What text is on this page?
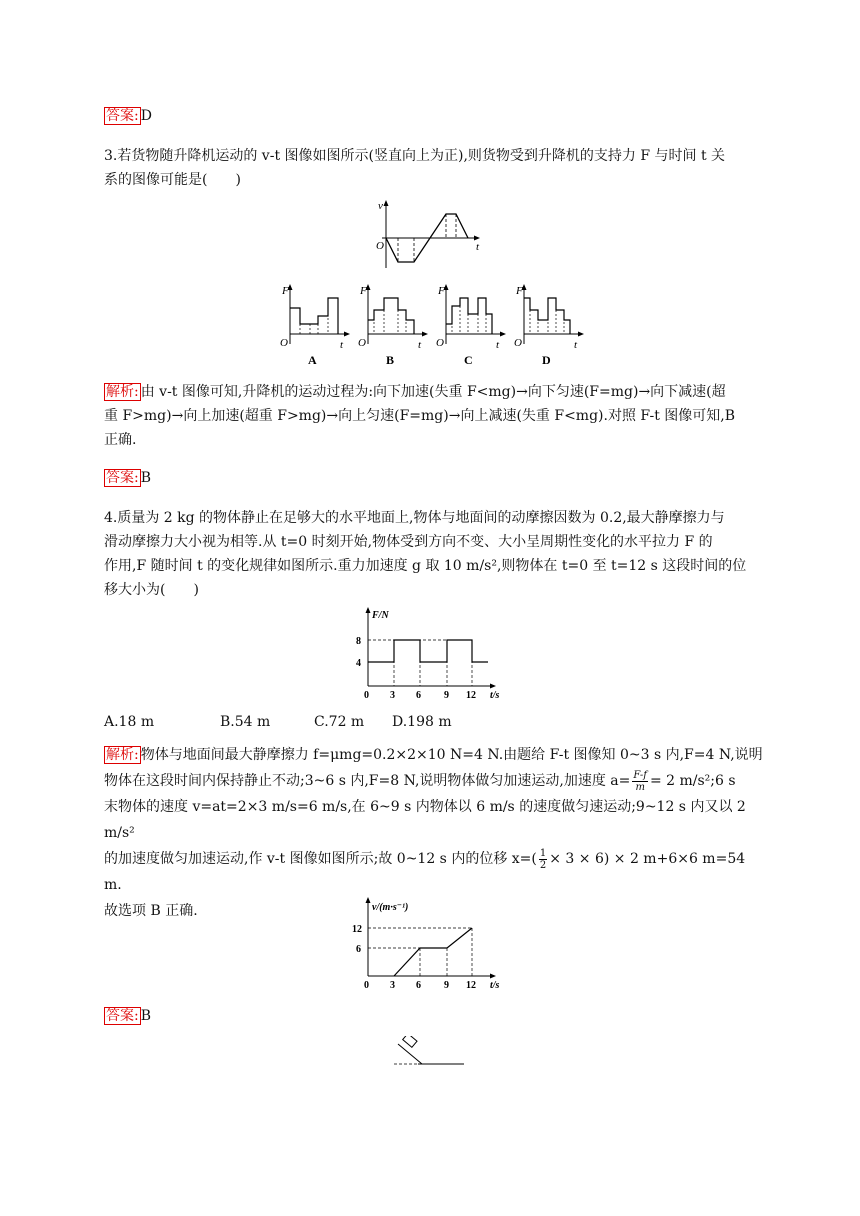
答案: D
3.若货物随升降机运动的 v-t 图像如图所示(竖直向上为正),则货物受到升降机的支持力 F 与时间 t 关
系的图像可能是(　　)
v
O	t
F
O	t
A
F
O	t
B
F
O	t
C
F
O	t
D
解析: 由 v-t 图像可知,升降机的运动过程为:向下加速(失重 F<mg)→向下匀速(F=mg)→向下减速(超
重 F>mg)→向上加速(超重 F>mg)→向上匀速(F=mg)→向上减速(失重 F<mg).对照 F-t 图像可知,B
正确.
答案: B
4.质量为 2 kg 的物体静止在足够大的水平地面上,物体与地面间的动摩擦因数为 0.2,最大静摩擦力与
滑动摩擦力大小视为相等.从 t=0 时刻开始,物体受到方向不变、大小呈周期性变化的水平拉力 F 的
作用,F 随时间 t 的变化规律如图所示.重力加速度 g 取 10 m/s²,则物体在 t=0 至 t=12 s 这段时间的位
移大小为(　　)
F/N
t/s
8
4
0 3 6 9 12
A.18 m	B.54 m	C.72 m D.198 m
解析: 物体与地面间最大静摩擦力 f=μmg=0.2×2×10 N=4 N.由题给 F-t 图像知 0~3 s 内,F=4 N,说明
物体在这段时间内保持静止不动;3~6 s 内,F=8 N,说明物体做匀加速运动,加速度 $a= \frac{F-f}{m} = 2$ m/s²;6 s
末物体的速度 v=at=2×3 m/s=6 m/s,在 6~9 s 内物体以 6 m/s 的速度做匀速运动;9~12 s 内又以 2 m/s²
的加速度做匀加速运动,作 v-t 图像如图所示;故 0~12 s 内的位移 $x=( \frac{1}{2} \times 3 \times 6) \times 2$ m+6×6 m=54 m.
故选项 B 正确.	v/(m·s⁻¹)
t/s
12
6
0 3 6 9 12
答案: B
